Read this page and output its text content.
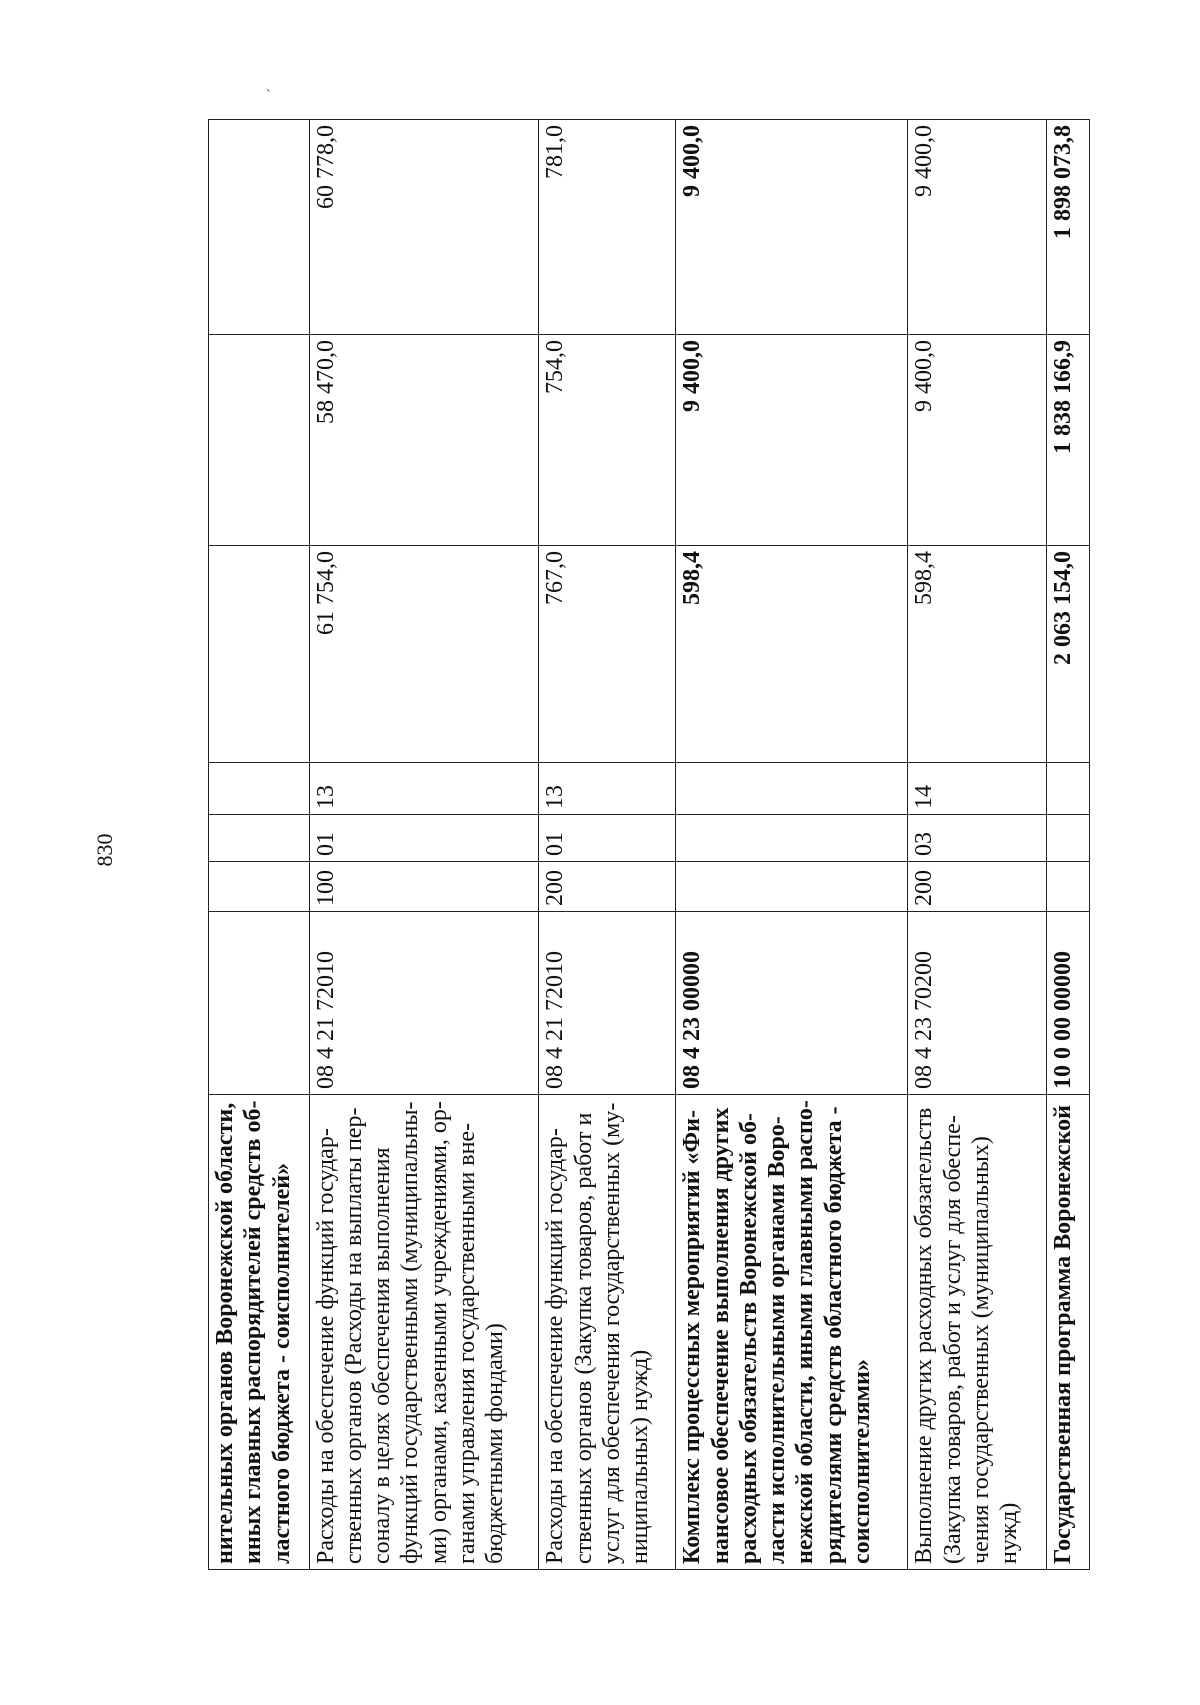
830
`
нительных органов Воронежской области, иных главных распорядителей средств об- ластного бюджета - соисполнителей»							
Расходы на обеспечение функций государ- ственных органов (Расходы на выплаты пер- соналу в целях обеспечения выполнения функций государственными (муниципальны- ми) органами, казенными учреждениями, ор- ганами управления государственными вне- бюджетными фондами)	08 4 21 72010	100	01	13	61 754,0	58 470,0	60 778,0
Расходы на обеспечение функций государ- ственных органов (Закупка товаров, работ и услуг для обеспечения государственных (му- ниципальных) нужд)	08 4 21 72010	200	01	13	767,0	754,0	781,0
Комплекс процессных мероприятий «Фи- нансовое обеспечение выполнения других расходных обязательств Воронежской об- ласти исполнительными органами Воро- нежской области, иными главными распо- рядителями средств областного бюджета - соисполнителями»	08 4 23 00000				598,4	9 400,0	9 400,0
Выполнение других расходных обязательств (Закупка товаров, работ и услуг для обеспе- чения государственных (муниципальных) нужд)	08 4 23 70200	200	03	14	598,4	9 400,0	9 400,0
Государственная программа Воронежской	10 0 00 00000				2 063 154,0	1 838 166,9	1 898 073,8
